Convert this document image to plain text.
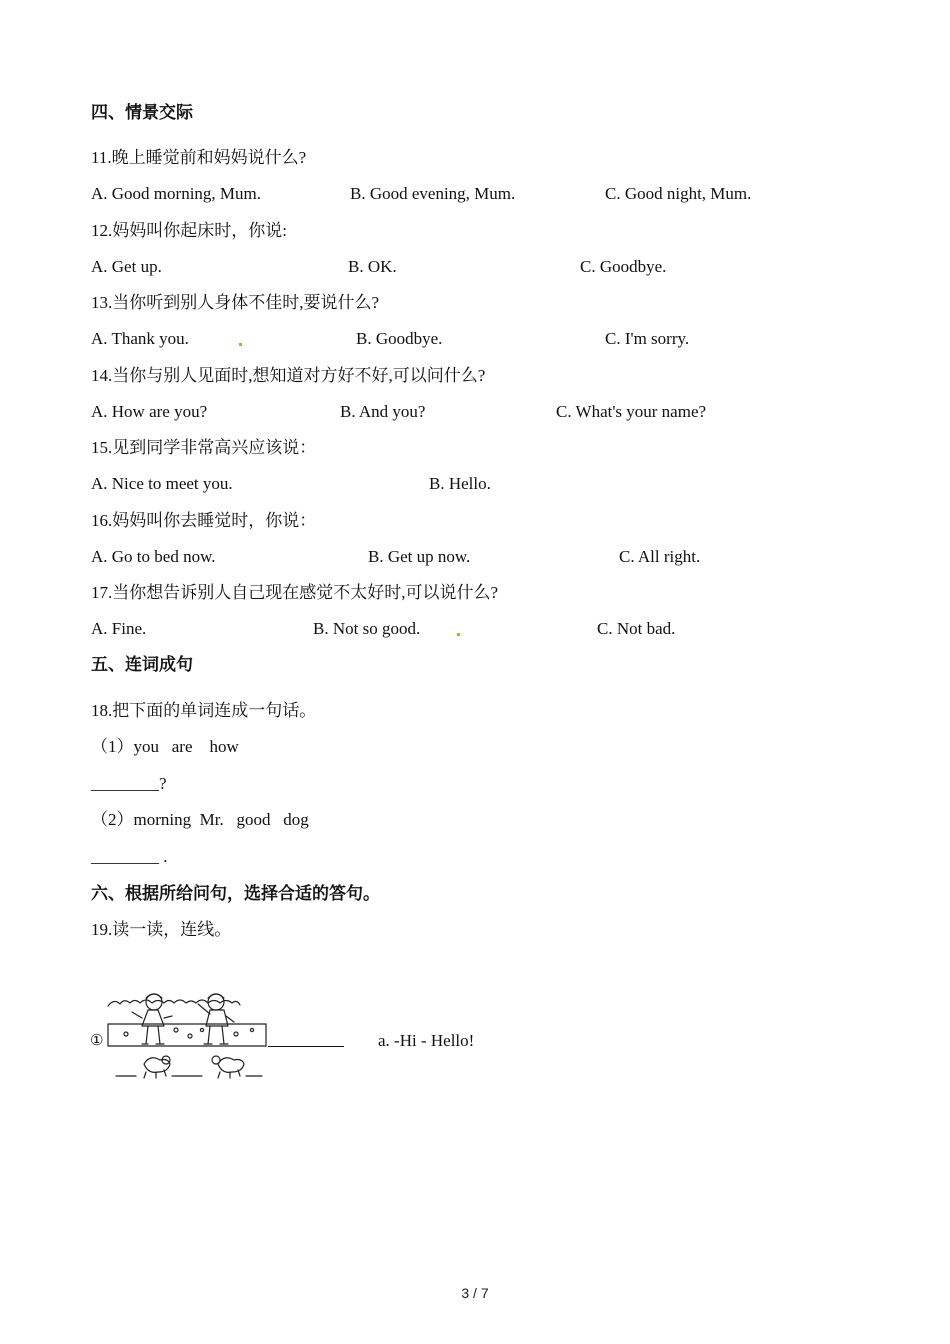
四、情景交际
11.晚上睡觉前和妈妈说什么?
A. Good morning, Mum.	B. Good evening, Mum.	C. Good night, Mum.
12.妈妈叫你起床时，你说:
A. Get up.	B. OK.	C. Goodbye.
13.当你听到别人身体不佳时,要说什么?
A. Thank you.	B. Goodbye.	C. I'm sorry.
14.当你与别人见面时,想知道对方好不好,可以问什么?
A. How are you?	B. And you?	C. What's your name?
15.见到同学非常高兴应该说：
A. Nice to meet you.	B. Hello.
16.妈妈叫你去睡觉时，你说：
A. Go to bed now.	B. Get up now.	C. All right.
17.当你想告诉别人自己现在感觉不太好时,可以说什么?
A. Fine.	B. Not so good.	C. Not bad.
五、连词成句
18.把下面的单词连成一句话。
（1）you   are    how
________?
（2）morning  Mr.   good   dog
________ .
六、根据所给问句，选择合适的答句。
19.读一读，连线。
①	a. -Hi - Hello!
3 / 7
